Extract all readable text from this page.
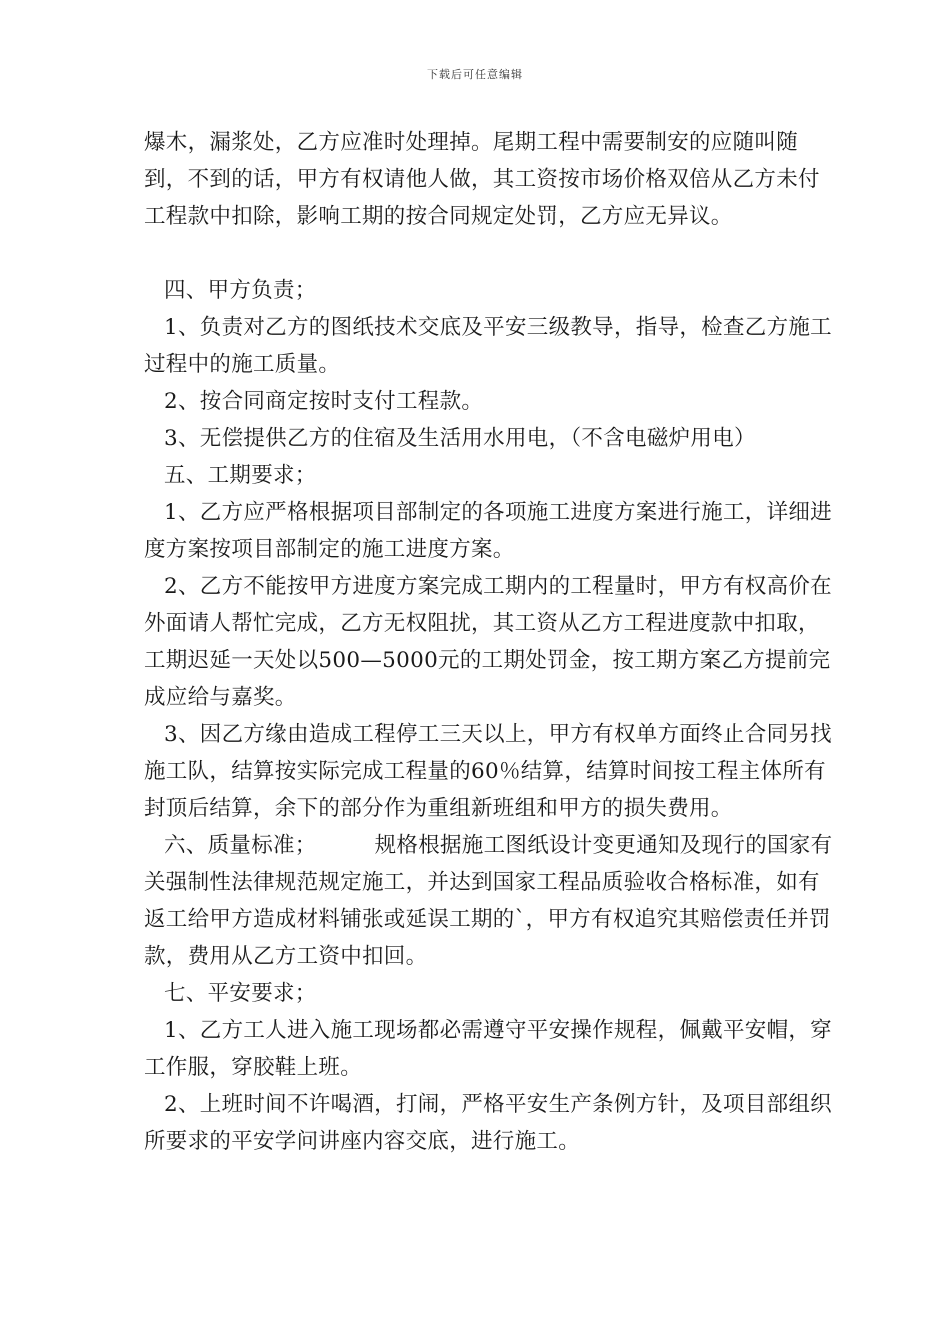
下载后可任意编辑

爆木，漏浆处，乙方应准时处理掉。尾期工程中需要制安的应随叫随到，不到的话，甲方有权请他人做，其工资按市场价格双倍从乙方未付工程款中扣除，影响工期的按合同规定处罚，乙方应无异议。

四、甲方负责；

1、负责对乙方的图纸技术交底及平安三级教导，指导，检查乙方施工过程中的施工质量。

2、按合同商定按时支付工程款。

3、无偿提供乙方的住宿及生活用水用电，（不含电磁炉用电）

五、工期要求；

1、乙方应严格根据项目部制定的各项施工进度方案进行施工，详细进度方案按项目部制定的施工进度方案。

2、乙方不能按甲方进度方案完成工期内的工程量时，甲方有权高价在外面请人帮忙完成，乙方无权阻扰，其工资从乙方工程进度款中扣取，工期迟延一天处以500—5000元的工期处罚金，按工期方案乙方提前完成应给与嘉奖。

3、因乙方缘由造成工程停工三天以上，甲方有权单方面终止合同另找施工队，结算按实际完成工程量的60％结算，结算时间按工程主体所有封顶后结算，余下的部分作为重组新班组和甲方的损失费用。

六、质量标准；	规格根据施工图纸设计变更通知及现行的国家有关强制性法律规范规定施工，并达到国家工程品质验收合格标准，如有返工给甲方造成材料铺张或延误工期的`，甲方有权追究其赔偿责任并罚款，费用从乙方工资中扣回。

七、平安要求；

1、乙方工人进入施工现场都必需遵守平安操作规程，佩戴平安帽，穿工作服，穿胶鞋上班。

2、上班时间不许喝酒，打闹，严格平安生产条例方针，及项目部组织所要求的平安学问讲座内容交底，进行施工。
